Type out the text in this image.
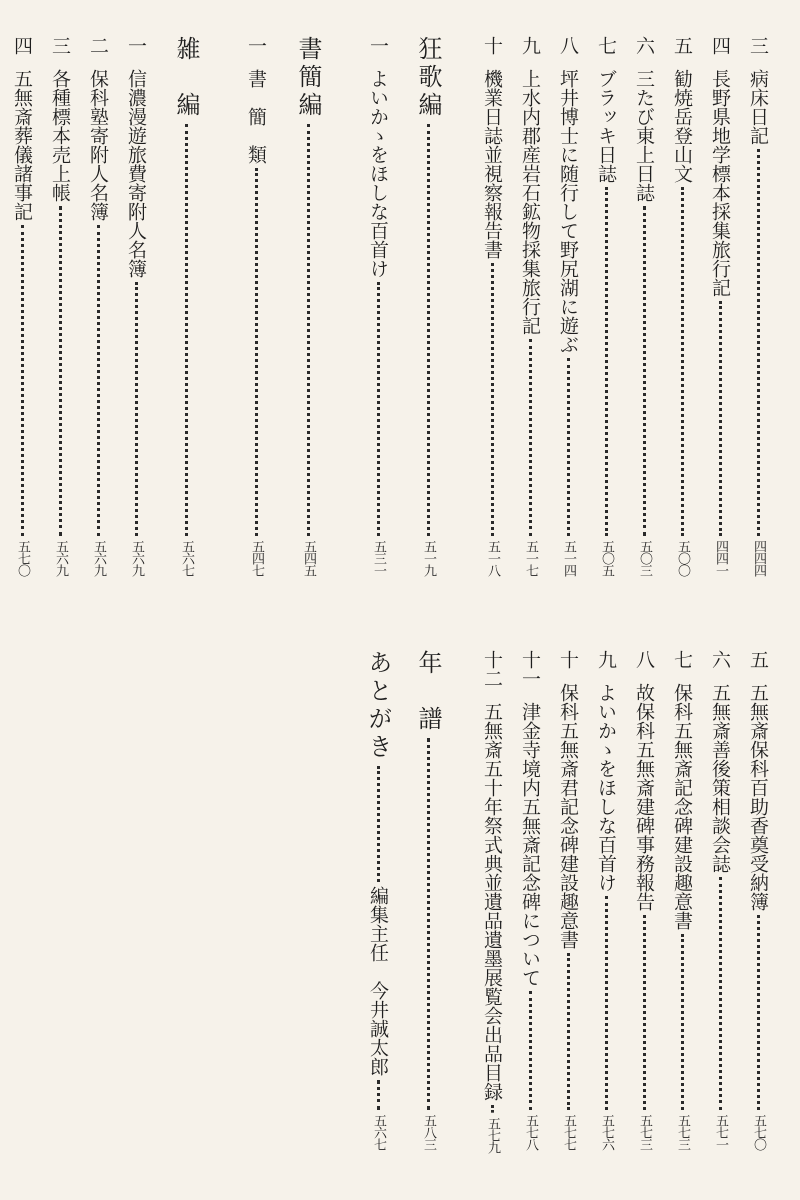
三
病床日記
四四四
四
長野県地学標本採集旅行記
四四一
五
勧焼岳登山文
五〇〇
六
三たび東上日誌
五〇三
七
ブラッキ日誌
五〇五
八
坪井博士に随行して野尻湖に遊ぶ
五一四
九
上水内郡産岩石鉱物採集旅行記
五一七
十
機業日誌並視察報告書
五一八
狂歌編
五一九
一
よいかゝをほしな百首け
五三一
書簡編
五四五
一
書　簡　類
五四七
雑　編
五六七
一
信濃漫遊旅費寄附人名簿
五六九
二
保科塾寄附人名簿
五六九
三
各種標本売上帳
五六九
四
五無斎葬儀諸事記
五七〇
五
五無斎保科百助香奠受納簿
五七〇
六
五無斎善後策相談会誌
五七一
七
保科五無斎記念碑建設趣意書
五七三
八
故保科五無斎建碑事務報告
五七三
九
よいかゝをほしな百首け
五七六
十
保科五無斎君記念碑建設趣意書
五七七
十一
津金寺境内五無斎記念碑について
五七八
十二
五無斎五十年祭式典並遺品遺墨展覧会出品目録
五七九
年　譜
五八三
あとがき
編集主任　今井誠太郎
五六七
